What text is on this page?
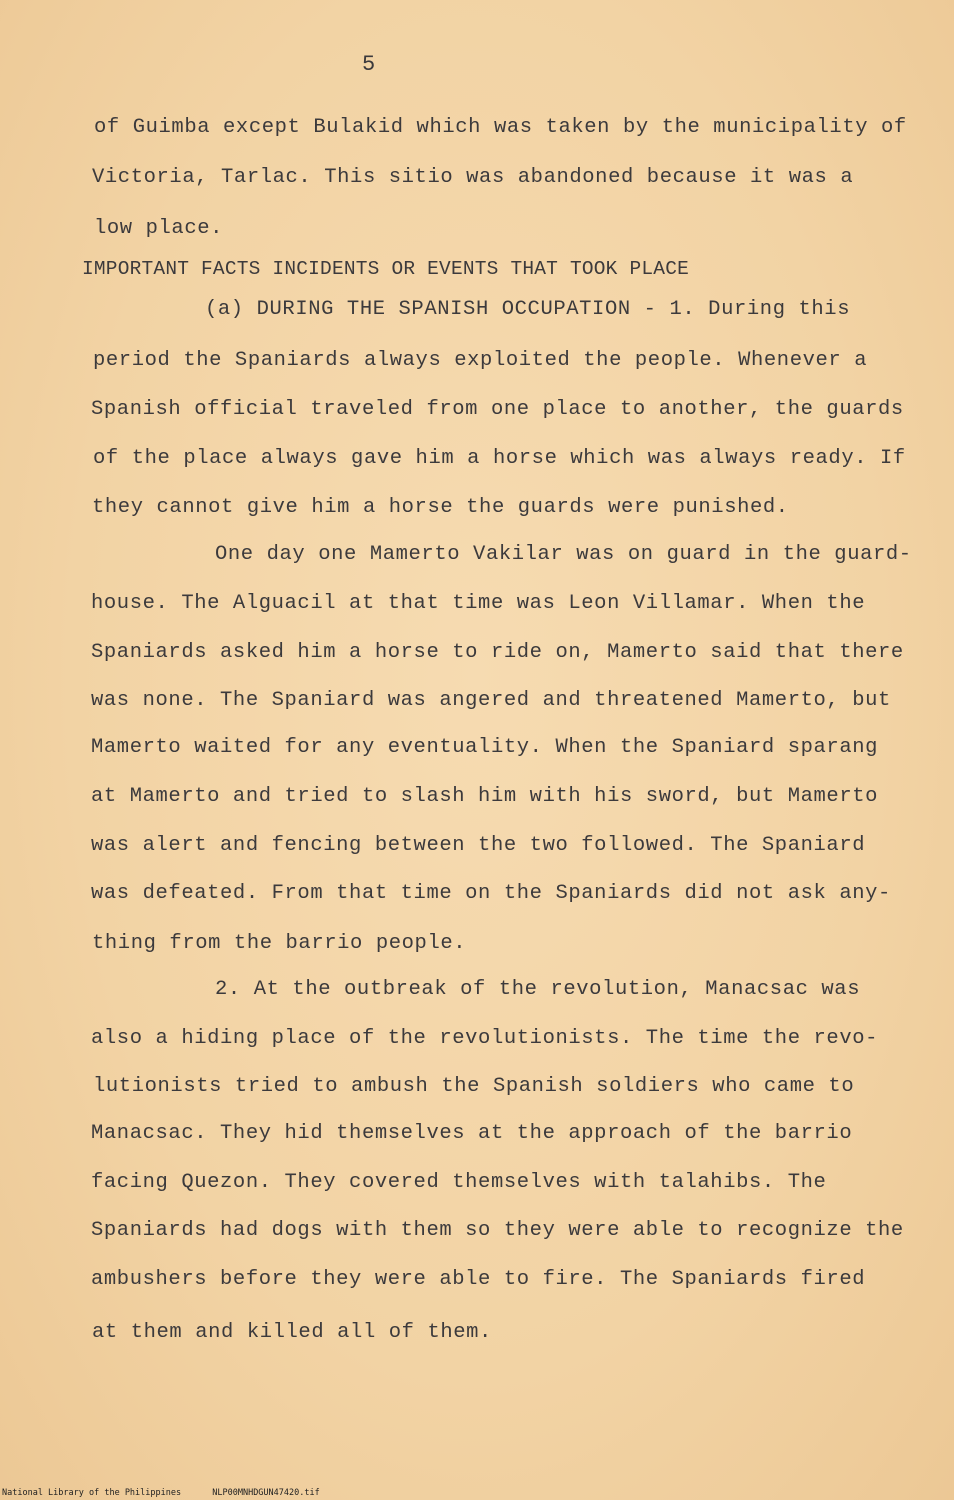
5
of Guimba except Bulakid which was taken by the municipality of
Victoria, Tarlac. This sitio was abandoned because it was a
low place.
IMPORTANT FACTS INCIDENTS OR EVENTS THAT TOOK PLACE
(a) DURING THE SPANISH OCCUPATION - 1. During this
period the Spaniards always exploited the people. Whenever a
Spanish official traveled from one place to another, the guards
of the place always gave him a horse which was always ready. If
they cannot give him a horse the guards were punished.
One day one Mamerto Vakilar was on guard in the guard-
house. The Alguacil at that time was Leon Villamar. When the
Spaniards asked him a horse to ride on, Mamerto said that there
was none. The Spaniard was angered and threatened Mamerto, but
Mamerto waited for any eventuality. When the Spaniard sparang
at Mamerto and tried to slash him with his sword, but Mamerto
was alert and fencing between the two followed. The Spaniard
was defeated. From that time on the Spaniards did not ask any-
thing from the barrio people.
2. At the outbreak of the revolution, Manacsac was
also a hiding place of the revolutionists. The time the revo-
lutionists tried to ambush the Spanish soldiers who came to
Manacsac. They hid themselves at the approach of the barrio
facing Quezon. They covered themselves with talahibs. The
Spaniards had dogs with them so they were able to recognize the
ambushers before they were able to fire. The Spaniards fired
at them and killed all of them.
National Library of the Philippines	NLP00MNHDGUN47420.tif
